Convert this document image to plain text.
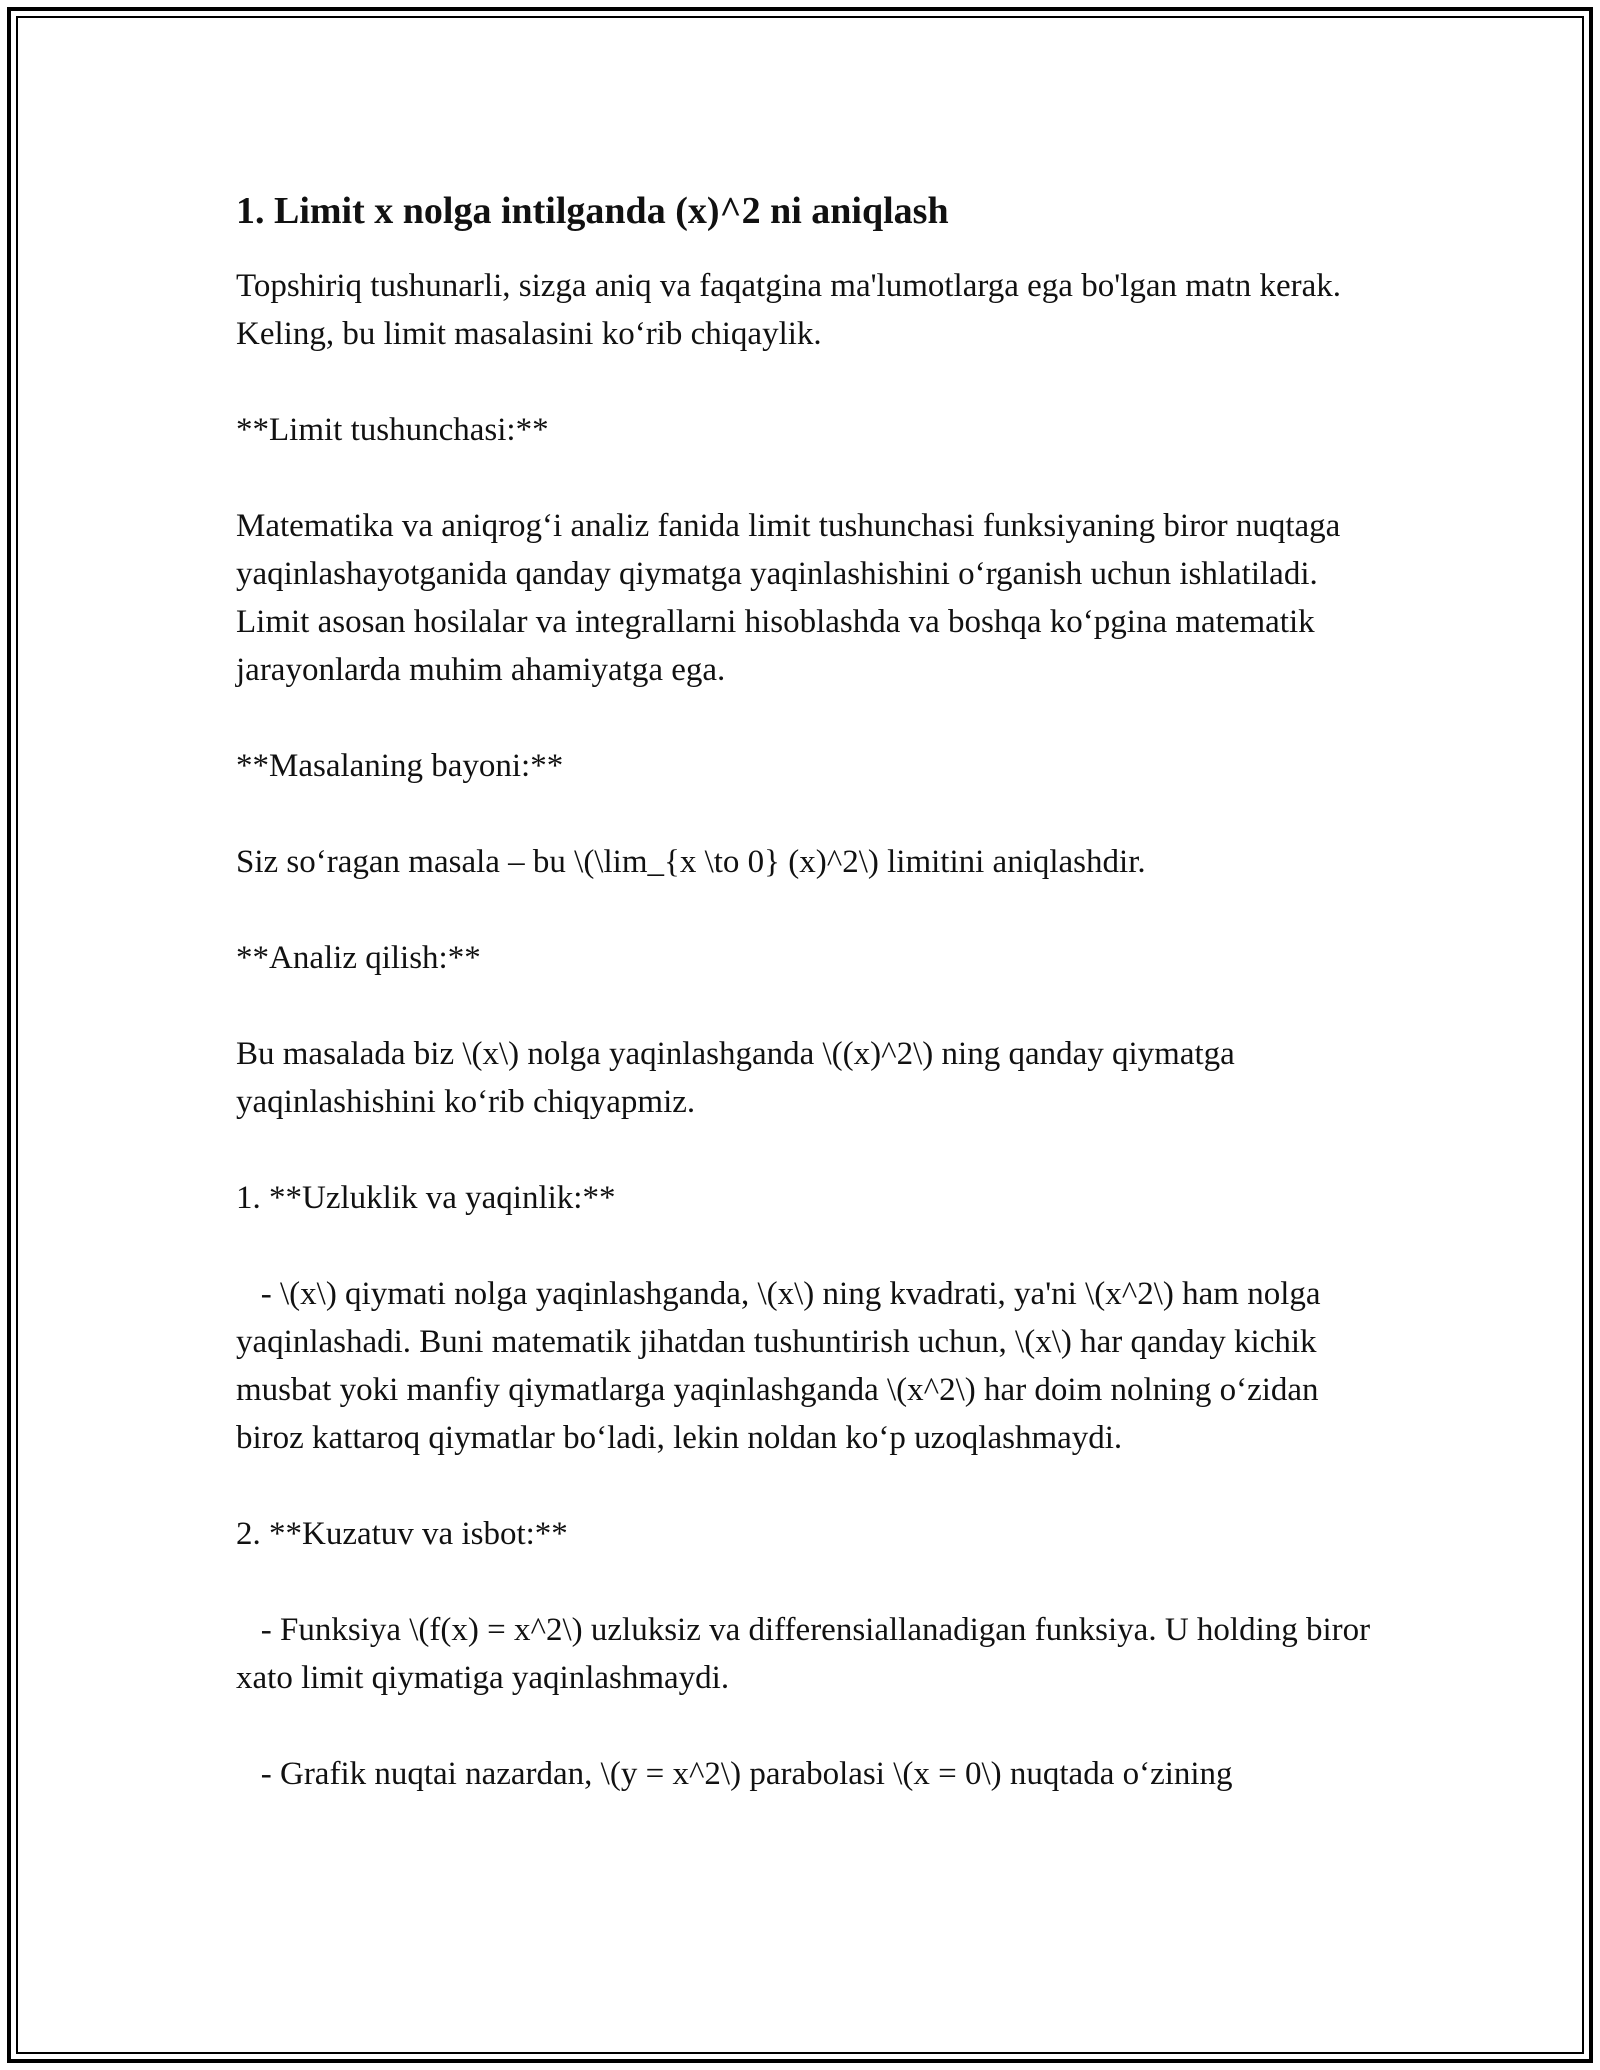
1. Limit x nolga intilganda (x)^2 ni aniqlash

Topshiriq tushunarli, sizga aniq va faqatgina ma'lumotlarga ega bo'lgan matn kerak. Keling, bu limit masalasini ko‘rib chiqaylik.

**Limit tushunchasi:**

Matematika va aniqrog‘i analiz fanida limit tushunchasi funksiyaning biror nuqtaga yaqinlashayotganida qanday qiymatga yaqinlashishini o‘rganish uchun ishlatiladi. Limit asosan hosilalar va integrallarni hisoblashda va boshqa ko‘pgina matematik jarayonlarda muhim ahamiyatga ega.

**Masalaning bayoni:**

Siz so‘ragan masala – bu \(\lim_{x \to 0} (x)^2\) limitini aniqlashdir.

**Analiz qilish:**

Bu masalada biz \(x\) nolga yaqinlashganda \((x)^2\) ning qanday qiymatga yaqinlashishini ko‘rib chiqyapmiz.

1. **Uzluklik va yaqinlik:**

- \(x\) qiymati nolga yaqinlashganda, \(x\) ning kvadrati, ya'ni \(x^2\) ham nolga yaqinlashadi. Buni matematik jihatdan tushuntirish uchun, \(x\) har qanday kichik musbat yoki manfiy qiymatlarga yaqinlashganda \(x^2\) har doim nolning o‘zidan biroz kattaroq qiymatlar bo‘ladi, lekin noldan ko‘p uzoqlashmaydi.

2. **Kuzatuv va isbot:**

- Funksiya \(f(x) = x^2\) uzluksiz va differensiallanadigan funksiya. U holding biror xato limit qiymatiga yaqinlashmaydi.

- Grafik nuqtai nazardan, \(y = x^2\) parabolasi \(x = 0\) nuqtada o‘zining
